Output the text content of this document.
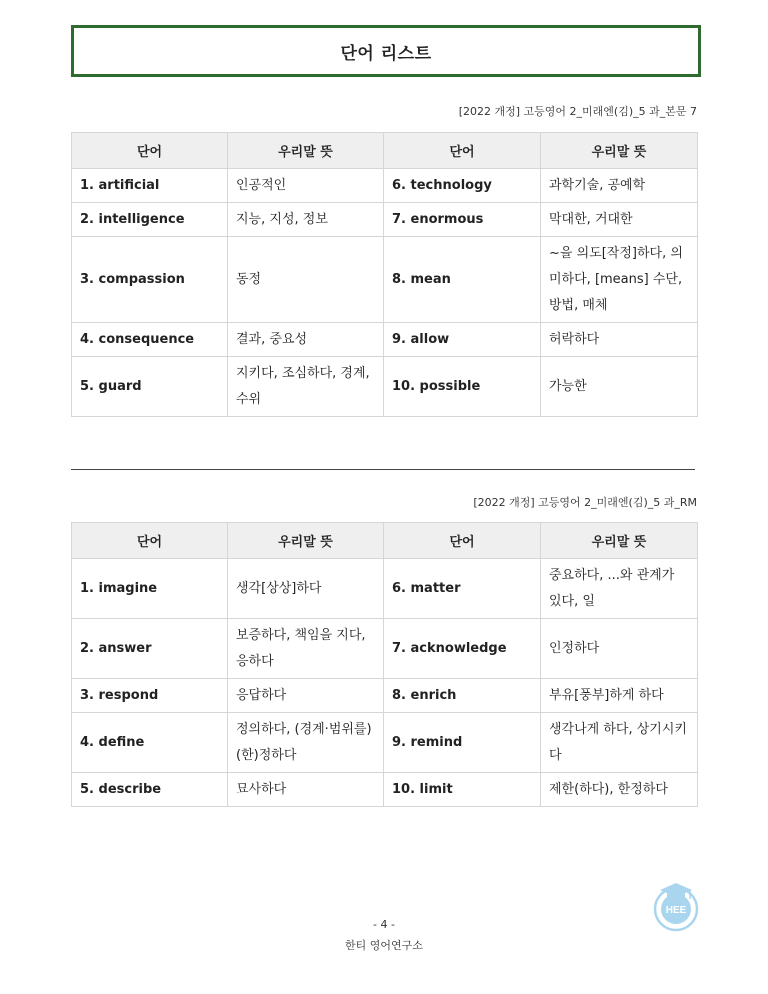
단어 리스트
[2022 개정] 고등영어 2_미래엔(김)_5 과_본문 7
단어	우리말 뜻	단어	우리말 뜻
1. artificial	인공적인	6. technology	과학기술, 공예학
2. intelligence	지능, 지성, 정보	7. enormous	막대한, 거대한
3. compassion	동정	8. mean	~을 의도[작정]하다, 의미하다, [means] 수단, 방법, 매체
4. consequence	결과, 중요성	9. allow	허락하다
5. guard	지키다, 조심하다, 경계, 수위	10. possible	가능한
[2022 개정] 고등영어 2_미래엔(김)_5 과_RM
단어	우리말 뜻	단어	우리말 뜻
1. imagine	생각[상상]하다	6. matter	중요하다, ...와 관계가 있다, 일
2. answer	보증하다, 책임을 지다, 응하다	7. acknowledge	인정하다
3. respond	응답하다	8. enrich	부유[풍부]하게 하다
4. define	정의하다, (경계·범위를) (한)정하다	9. remind	생각나게 하다, 상기시키다
5. describe	묘사하다	10. limit	제한(하다), 한정하다
- 4 -
한티 영어연구소
HEE
